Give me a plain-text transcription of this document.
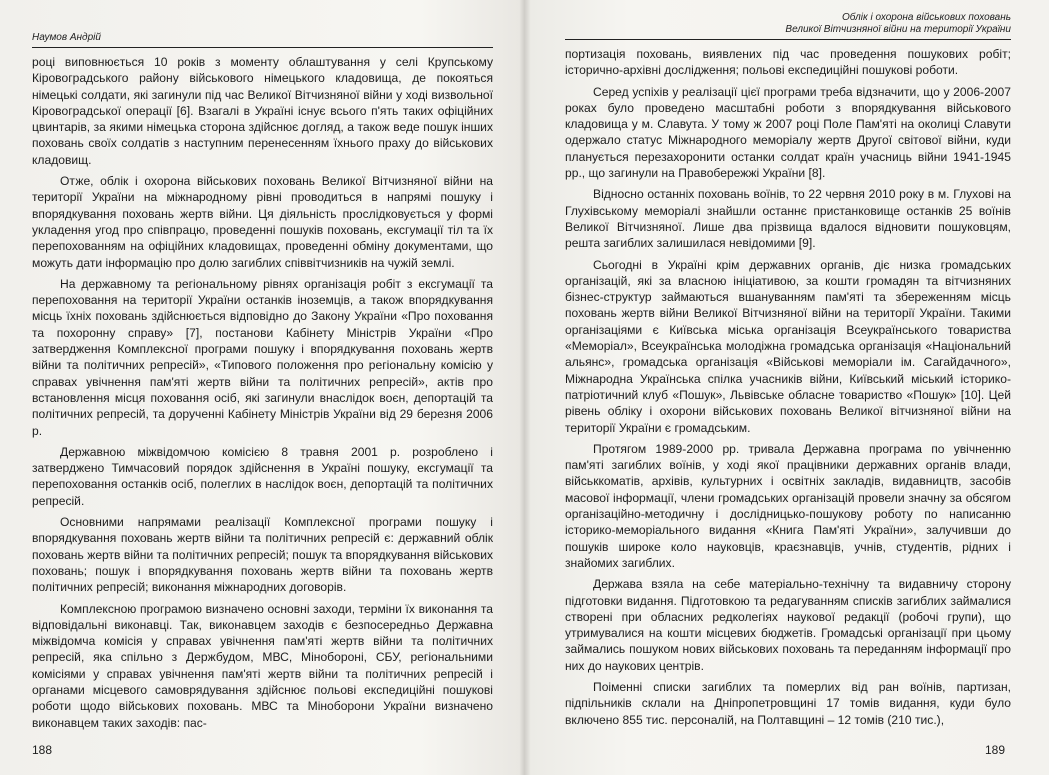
Наумов Андрій

році виповнюється 10 років з моменту облаштування у селі Крупському Кіровоградського району військового німецького кладовища, де покояться німецькі солдати, які загинули під час Великої Вітчизняної війни у ході визвольної Кіровоградської операції [6]. Взагалі в Україні існує всього п'ять таких офіційних цвинтарів, за якими німецька сторона здійснює догляд, а також веде пошук інших поховань своїх солдатів з наступним перенесенням їхнього праху до військових кладовищ.

Отже, облік і охорона військових поховань Великої Вітчизняної війни на території України на міжнародному рівні проводиться в напрямі пошуку і впорядкування поховань жертв війни. Ця діяльність прослідковується у формі укладення угод про співпрацю, проведенні пошуків поховань, ексгумації тіл та їх перепохованням на офіційних кладовищах, проведенні обміну документами, що можуть дати інформацію про долю загиблих співвітчизників на чужій землі.

На державному та регіональному рівнях організація робіт з ексгумації та перепоховання на території України останків іноземців, а також впорядкування місць їхніх поховань здійснюється відповідно до Закону України «Про поховання та похоронну справу» [7], постанови Кабінету Міністрів України «Про затвердження Комплексної програми пошуку і впорядкування поховань жертв війни та політичних репресій», «Типового положення про регіональну комісію у справах увічнення пам'яті жертв війни та політичних репресій», актів про встановлення місця поховання осіб, які загинули внаслідок воєн, депортацій та політичних репресій, та дорученні Кабінету Міністрів України від 29 березня 2006 р.

Державною міжвідомчою комісією 8 травня 2001 р. розроблено і затверджено Тимчасовий порядок здійснення в Україні пошуку, ексгумації та перепоховання останків осіб, полеглих в наслідок воєн, депортацій та політичних репресій.

Основними напрямами реалізації Комплексної програми пошуку і впорядкування поховань жертв війни та політичних репресій є: державний облік поховань жертв війни та політичних репресій; пошук та впорядкування військових поховань; пошук і впорядкування поховань жертв війни та поховань жертв політичних репресій; виконання міжнародних договорів.

Комплексною програмою визначено основні заходи, терміни їх виконання та відповідальні виконавці. Так, виконавцем заходів є безпосередньо Державна міжвідомча комісія у справах увічнення пам'яті жертв війни та політичних репресій, яка спільно з Держбудом, МВС, Мінобороні, СБУ, регіональними комісіями у справах увічнення пам'яті жертв війни та політичних репресій і органами місцевого самоврядування здійснює польові експедиційні пошукові роботи щодо військових поховань. МВС та Міноборони України визначено виконавцем таких заходів: пас-

188
Облік і охорона військових поховань
Великої Вітчизняної війни на території України

портизація поховань, виявлених під час проведення пошукових робіт; історично-архівні дослідження; польові експедиційні пошукові роботи.

Серед успіхів у реалізації цієї програми треба відзначити, що у 2006-2007 роках було проведено масштабні роботи з впорядкування військового кладовища у м. Славута. У тому ж 2007 році Поле Пам'яті на околиці Славути одержало статус Міжнародного меморіалу жертв Другої світової війни, куди планується перезахоронити останки солдат країн учасниць війни 1941-1945 рр., що загинули на Правобережжі України [8].

Відносно останніх поховань воїнів, то 22 червня 2010 року в м. Глухові на Глухівському меморіалі знайшли останнє пристанковище останків 25 воїнів Великої Вітчизняної. Лише два прізвища вдалося відновити пошуковцям, решта загиблих залишилася невідомими [9].

Сьогодні в Україні крім державних органів, діє низка громадських організацій, які за власною ініціативою, за кошти громадян та вітчизняних бізнес-структур займаються вшануванням пам'яті та збереженням місць поховань жертв війни Великої Вітчизняної війни на території України. Такими організаціями є Київська міська організація Всеукраїнського товариства «Меморіал», Всеукраїнська молодіжна громадська організація «Національний альянс», громадська організація «Військові меморіали ім. Сагайдачного», Міжнародна Українська спілка учасників війни, Київський міський історико-патріотичний клуб «Пошук», Львівське обласне товариство «Пошук» [10]. Цей рівень обліку і охорони військових поховань Великої вітчизняної війни на території України є громадським.

Протягом 1989-2000 рр. тривала Державна програма по увічненню пам'яті загиблих воїнів, у ході якої працівники державних органів влади, військкоматів, архівів, культурних і освітніх закладів, видавництв, засобів масової інформації, члени громадських організацій провели значну за обсягом організаційно-методичну і дослідницько-пошукову роботу по написанню історико-меморіального видання «Книга Пам'яті України», залучивши до пошуків широке коло науковців, краєзнавців, учнів, студентів, рідних і знайомих загиблих.

Держава взяла на себе матеріально-технічну та видавничу сторону підготовки видання. Підготовкою та редагуванням списків загиблих займалися створені при обласних редколегіях наукової редакції (робочі групи), що утримувалися на кошти місцевих бюджетів. Громадські організації при цьому займались пошуком нових військових поховань та переданням інформації про них до наукових центрів.

Поіменні списки загиблих та померлих від ран воїнів, партизан, підпільників склали на Дніпропетровщині 17 томів видання, куди було включено 855 тис. персоналій, на Полтавщині – 12 томів (210 тис.),

189
